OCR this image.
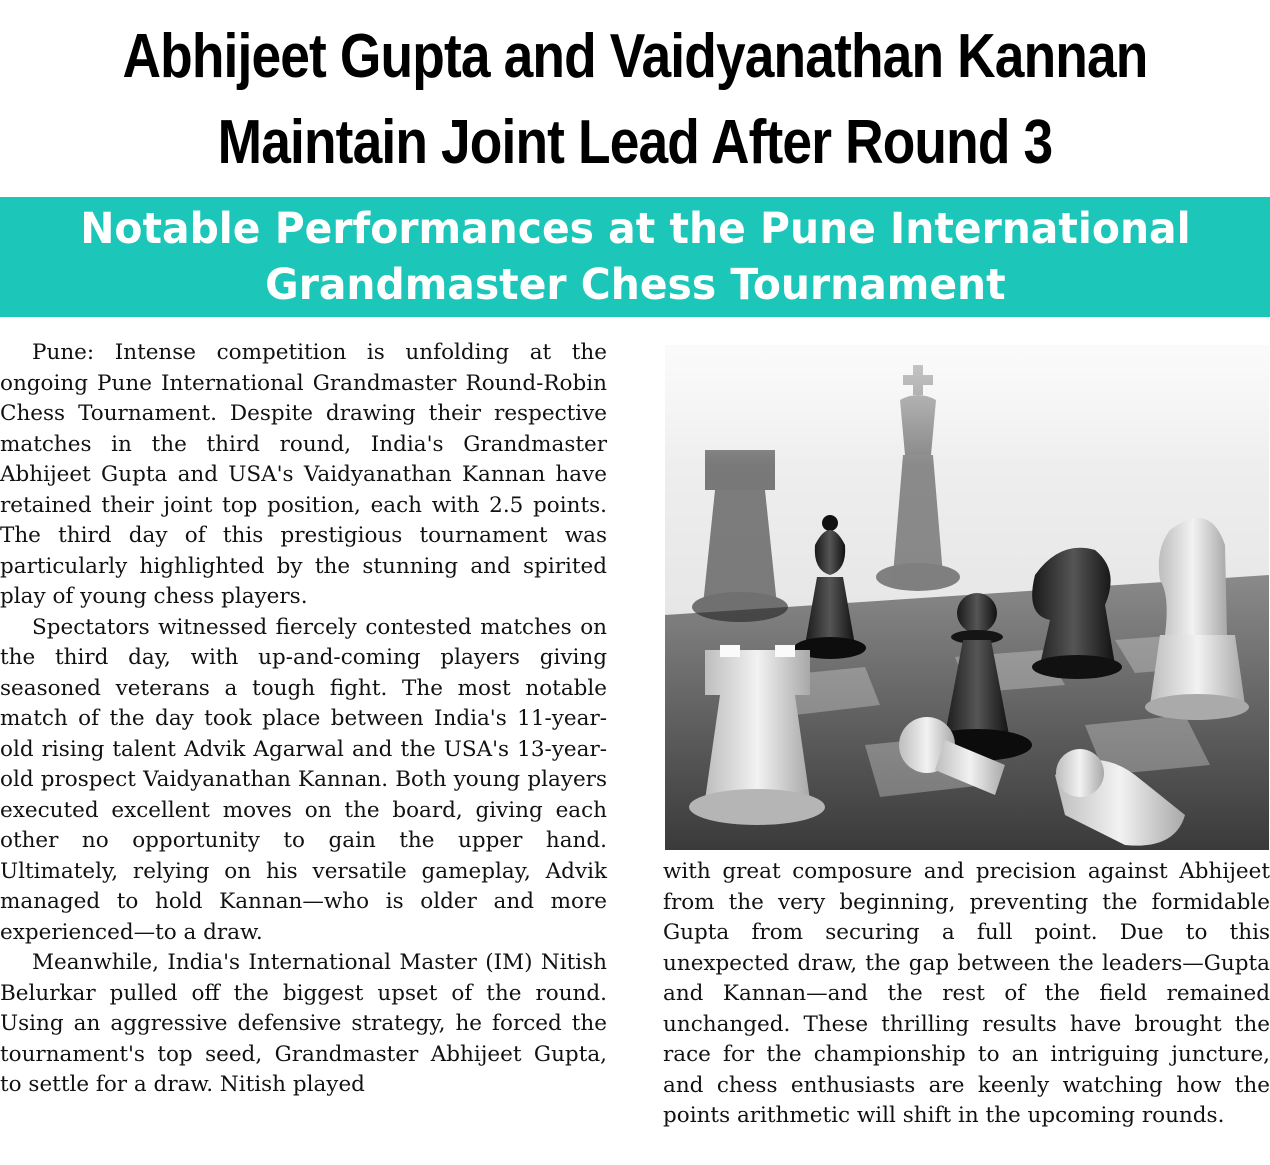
Abhijeet Gupta and Vaidyanathan Kannan
Maintain Joint Lead After Round 3
Notable Performances at the Pune International
Grandmaster Chess Tournament

Pune: Intense competition is unfolding at the ongoing Pune International Grandmaster Round-Robin Chess Tournament. Despite drawing their respective matches in the third round, India's Grandmaster Abhijeet Gupta and USA's Vaidyanathan Kannan have retained their joint top position, each with 2.5 points. The third day of this prestigious tournament was particularly highlighted by the stunning and spirited play of young chess players.

Spectators witnessed fiercely contested matches on the third day, with up-and-coming players giving seasoned veterans a tough fight. The most notable match of the day took place between India's 11-year-old rising talent Advik Agarwal and the USA's 13-year-old prospect Vaidyanathan Kannan. Both young players executed excellent moves on the board, giving each other no opportunity to gain the upper hand. Ultimately, relying on his versatile gameplay, Advik managed to hold Kannan—who is older and more experienced—to a draw.

Meanwhile, India's International Master (IM) Nitish Belurkar pulled off the biggest upset of the round. Using an aggressive defensive strategy, he forced the tournament's top seed, Grandmaster Abhijeet Gupta, to settle for a draw. Nitish played

with great composure and precision against Abhijeet from the very beginning, preventing the formidable Gupta from securing a full point. Due to this unexpected draw, the gap between the leaders—Gupta and Kannan—and the rest of the field remained unchanged. These thrilling results have brought the race for the championship to an intriguing juncture, and chess enthusiasts are keenly watching how the points arithmetic will shift in the upcoming rounds.
